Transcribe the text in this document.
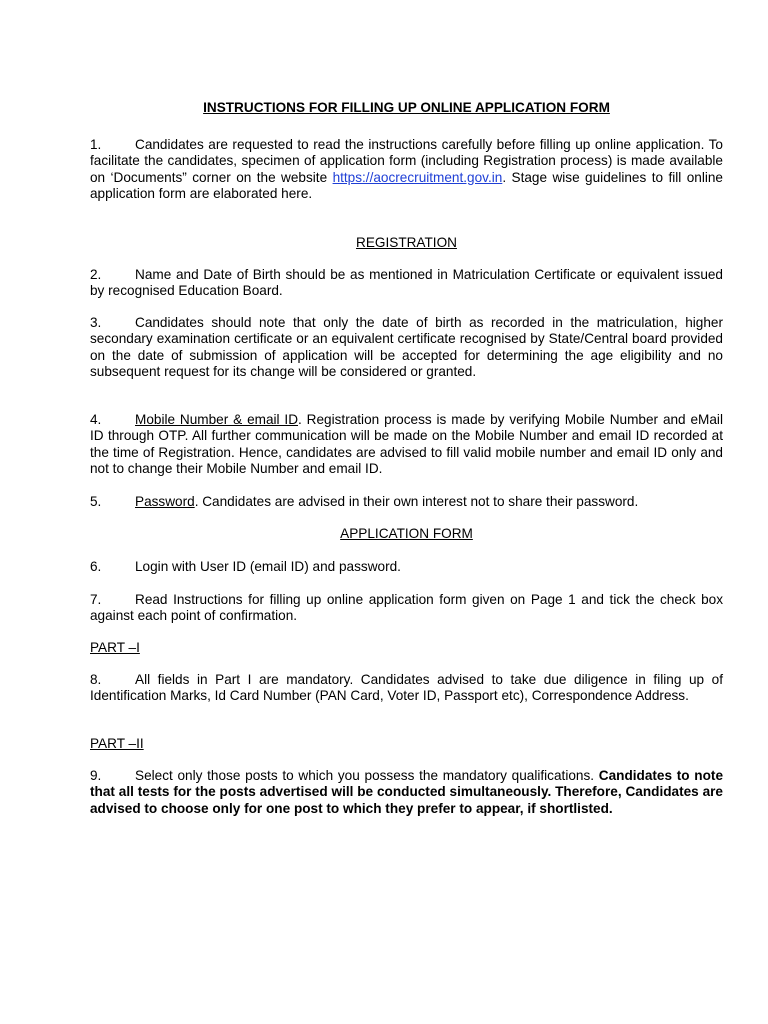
INSTRUCTIONS FOR FILLING UP ONLINE APPLICATION FORM
1. Candidates are requested to read the instructions carefully before filling up online application. To facilitate the candidates, specimen of application form (including Registration process) is made available on ‘Documents” corner on the website https://aocrecruitment.gov.in. Stage wise guidelines to fill online application form are elaborated here.
REGISTRATION
2. Name and Date of Birth should be as mentioned in Matriculation Certificate or equivalent issued by recognised Education Board.
3. Candidates should note that only the date of birth as recorded in the matriculation, higher secondary examination certificate or an equivalent certificate recognised by State/Central board provided on the date of submission of application will be accepted for determining the age eligibility and no subsequent request for its change will be considered or granted.
4. Mobile Number & email ID. Registration process is made by verifying Mobile Number and eMail ID through OTP. All further communication will be made on the Mobile Number and email ID recorded at the time of Registration. Hence, candidates are advised to fill valid mobile number and email ID only and not to change their Mobile Number and email ID.
5. Password. Candidates are advised in their own interest not to share their password.
APPLICATION FORM
6. Login with User ID (email ID) and password.
7. Read Instructions for filling up online application form given on Page 1 and tick the check box against each point of confirmation.
PART –I
8. All fields in Part I are mandatory. Candidates advised to take due diligence in filing up of Identification Marks, Id Card Number (PAN Card, Voter ID, Passport etc), Correspondence Address.
PART –II
9. Select only those posts to which you possess the mandatory qualifications. Candidates to note that all tests for the posts advertised will be conducted simultaneously. Therefore, Candidates are advised to choose only for one post to which they prefer to appear, if shortlisted.
